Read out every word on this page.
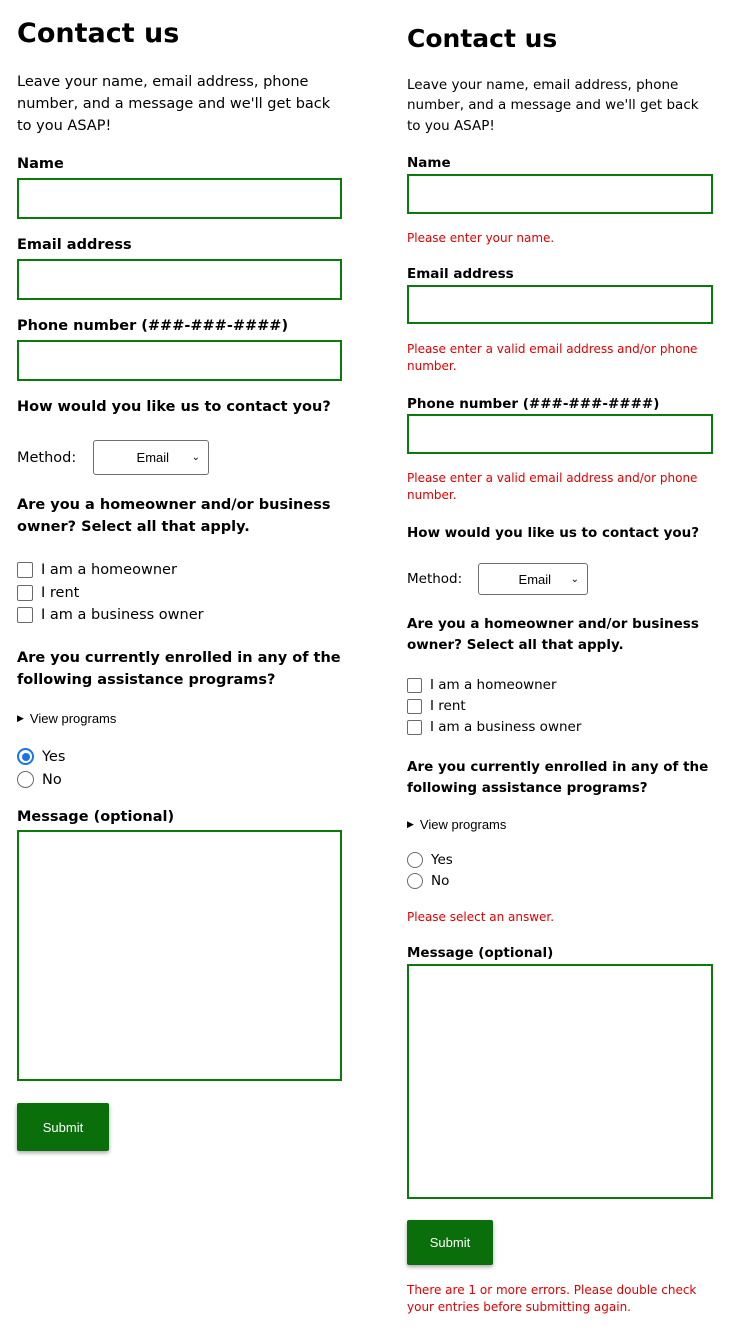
Contact us

Leave your name, email address, phone number, and a message and we'll get back to you ASAP!

Name
Email address
Phone number (###-###-####)
How would you like us to contact you?
Method:	Email	⌄
Are you a homeowner and/or business owner? Select all that apply.
I am a homeowner
I rent
I am a business owner
Are you currently enrolled in any of the following assistance programs?
▶ View programs
Yes
No
Message (optional)
Submit
Contact us

Leave your name, email address, phone number, and a message and we'll get back to you ASAP!

Name
Please enter your name.
Email address
Please enter a valid email address and/or phone number.
Phone number (###-###-####)
Please enter a valid email address and/or phone number.
How would you like us to contact you?
Method:	Email	⌄
Are you a homeowner and/or business owner? Select all that apply.
I am a homeowner
I rent
I am a business owner
Are you currently enrolled in any of the following assistance programs?
▶ View programs
Yes
No
Please select an answer.
Message (optional)
Submit
There are 1 or more errors. Please double check your entries before submitting again.
